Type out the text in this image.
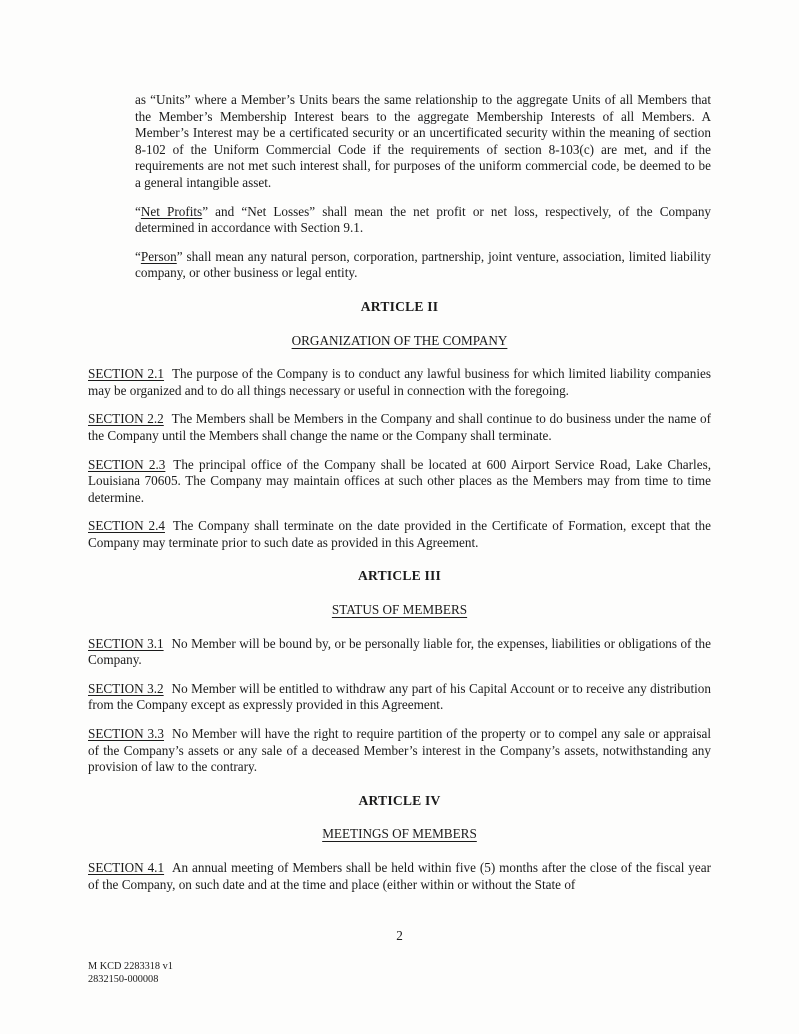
as “Units” where a Member’s Units bears the same relationship to the aggregate Units of all Members that the Member’s Membership Interest bears to the aggregate Membership Interests of all Members. A Member’s Interest may be a certificated security or an uncertificated security within the meaning of section 8-102 of the Uniform Commercial Code if the requirements of section 8-103(c) are met, and if the requirements are not met such interest shall, for purposes of the uniform commercial code, be deemed to be a general intangible asset.

“Net Profits” and “Net Losses” shall mean the net profit or net loss, respectively, of the Company determined in accordance with Section 9.1.

“Person” shall mean any natural person, corporation, partnership, joint venture, association, limited liability company, or other business or legal entity.

ARTICLE II
ORGANIZATION OF THE COMPANY

SECTION 2.1 The purpose of the Company is to conduct any lawful business for which limited liability companies may be organized and to do all things necessary or useful in connection with the foregoing.

SECTION 2.2 The Members shall be Members in the Company and shall continue to do business under the name of the Company until the Members shall change the name or the Company shall terminate.

SECTION 2.3 The principal office of the Company shall be located at 600 Airport Service Road, Lake Charles, Louisiana 70605. The Company may maintain offices at such other places as the Members may from time to time determine.

SECTION 2.4 The Company shall terminate on the date provided in the Certificate of Formation, except that the Company may terminate prior to such date as provided in this Agreement.

ARTICLE III
STATUS OF MEMBERS

SECTION 3.1 No Member will be bound by, or be personally liable for, the expenses, liabilities or obligations of the Company.

SECTION 3.2 No Member will be entitled to withdraw any part of his Capital Account or to receive any distribution from the Company except as expressly provided in this Agreement.

SECTION 3.3 No Member will have the right to require partition of the property or to compel any sale or appraisal of the Company’s assets or any sale of a deceased Member’s interest in the Company’s assets, notwithstanding any provision of law to the contrary.

ARTICLE IV
MEETINGS OF MEMBERS

SECTION 4.1 An annual meeting of Members shall be held within five (5) months after the close of the fiscal year of the Company, on such date and at the time and place (either within or without the State of

2
M KCD 2283318 v1
2832150-000008
